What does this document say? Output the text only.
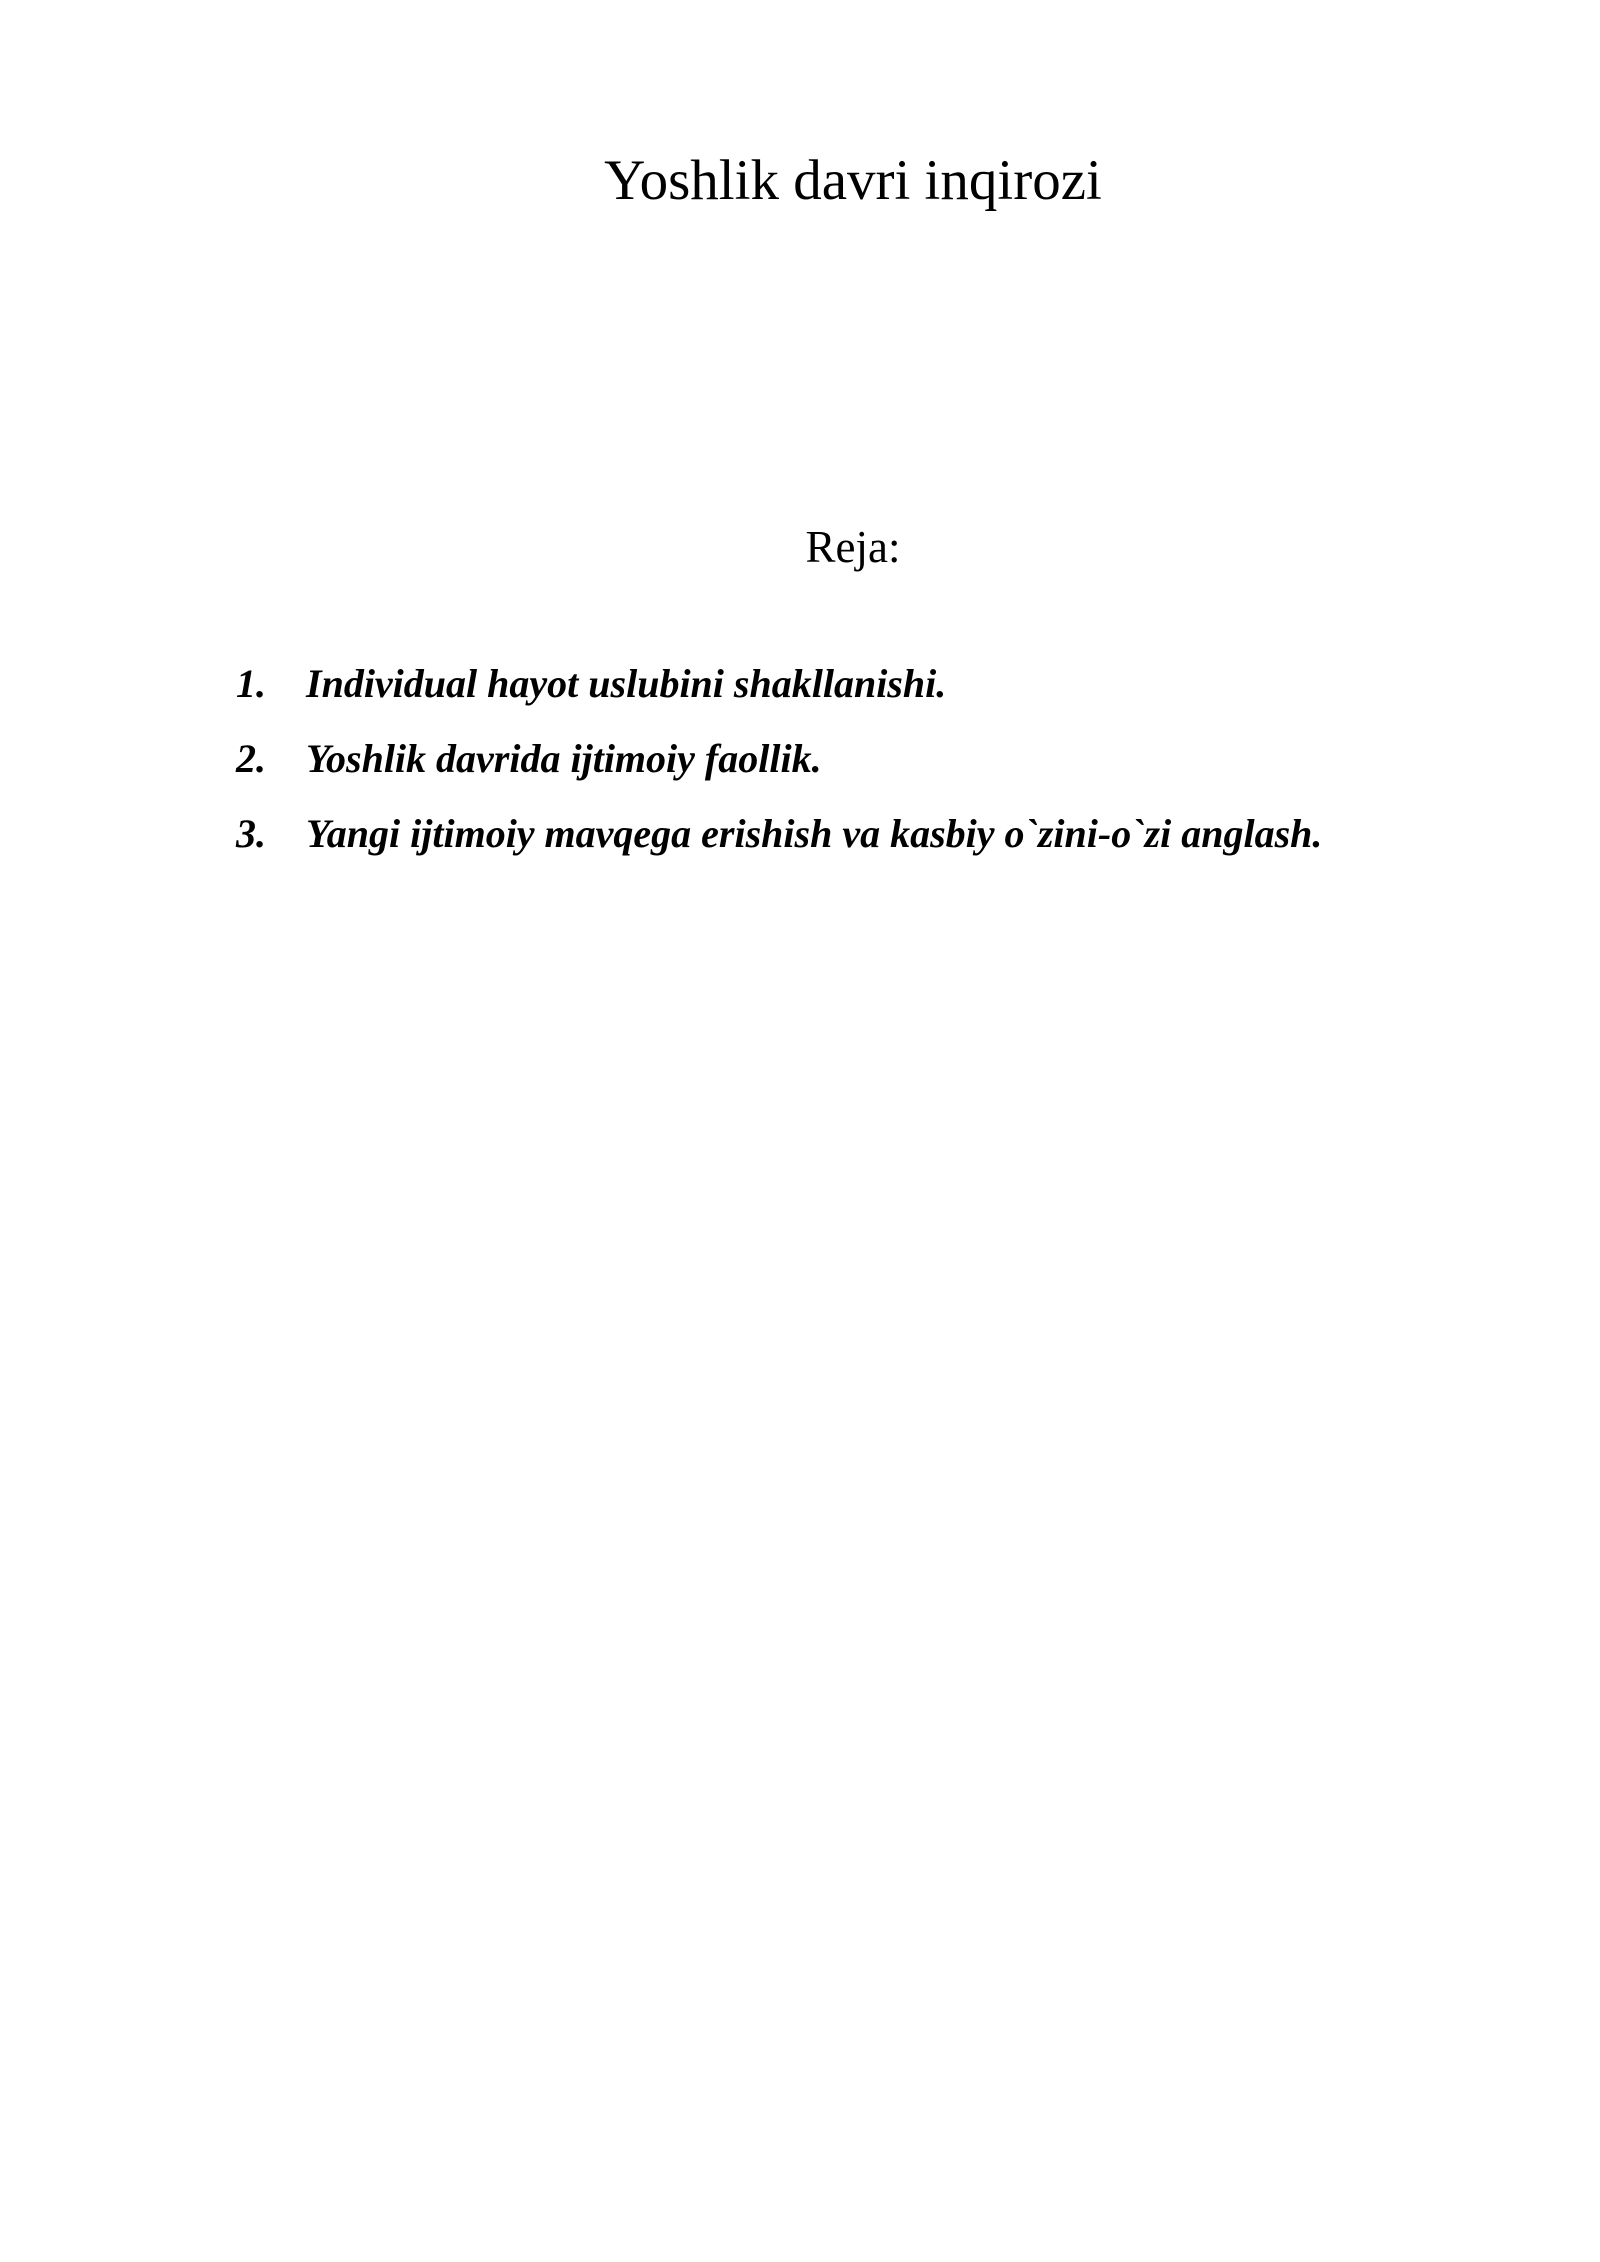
Yoshlik davri inqirozi
Reja:
1. Individual hayot uslubini shakllanishi.
2. Yoshlik davrida ijtimoiy faollik.
3. Yangi ijtimoiy mavqega erishish va kasbiy o`zini-o`zi anglash.
